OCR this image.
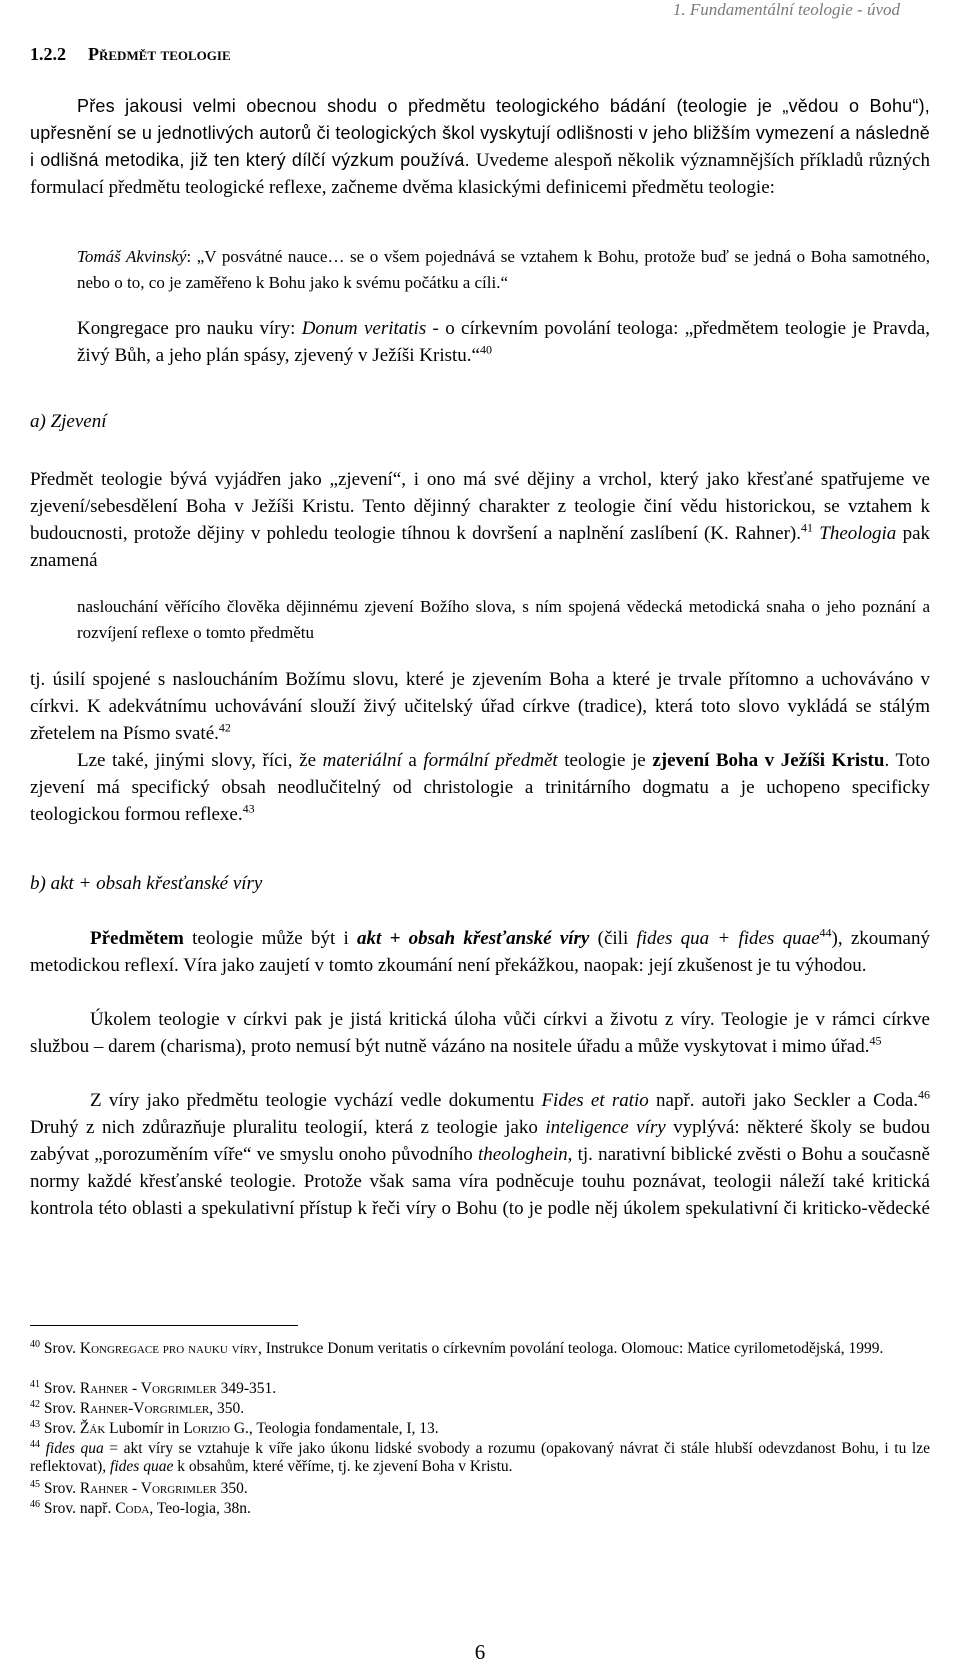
1. Fundamentální teologie - úvod
1.2.2 Předmět teologie

Přes jakousi velmi obecnou shodu o předmětu teologického bádání (teologie je „vědou o Bohu“), upřesnění se u jednotlivých autorů či teologických škol vyskytují odlišnosti v jeho bližším vymezení a následně i odlišná metodika, již ten který dílčí výzkum používá. Uvedeme alespoň několik významnějších příkladů různých formulací předmětu teologické reflexe, začneme dvěma klasickými definicemi předmětu teologie:

Tomáš Akvinský: „V posvátné nauce… se o všem pojednává se vztahem k Bohu, protože buď se jedná o Boha samotného, nebo o to, co je zaměřeno k Bohu jako k svému počátku a cíli.“

Kongregace pro nauku víry: Donum veritatis - o církevním povolání teologa: „předmětem teologie je Pravda, živý Bůh, a jeho plán spásy, zjevený v Ježíši Kristu.“$^{40}$

a) Zjevení

Předmět teologie bývá vyjádřen jako „zjevení“, i ono má své dějiny a vrchol, který jako křesťané spatřujeme ve zjevení/sebesdělení Boha v Ježíši Kristu. Tento dějinný charakter z teologie činí vědu historickou, se vztahem k budoucnosti, protože dějiny v pohledu teologie tíhnou k dovršení a naplnění zaslíbení (K. Rahner).$^{41}$ Theologia pak znamená

naslouchání věřícího člověka dějinnému zjevení Božího slova, s ním spojená vědecká metodická snaha o jeho poznání a rozvíjení reflexe o tomto předmětu

tj. úsilí spojené s nasloucháním Božímu slovu, které je zjevením Boha a které je trvale přítomno a uchováváno v církvi. K adekvátnímu uchovávání slouží živý učitelský úřad církve (tradice), která toto slovo vykládá se stálým zřetelem na Písmo svaté.$^{42}$

Lze také, jinými slovy, říci, že materiální a formální předmět teologie je zjevení Boha v Ježíši Kristu. Toto zjevení má specifický obsah neodlučitelný od christologie a trinitárního dogmatu a je uchopeno specificky teologickou formou reflexe.$^{43}$

b) akt + obsah křesťanské víry

Předmětem teologie může být i akt + obsah křesťanské víry (čili fides qua + fides quae$^{44}$), zkoumaný metodickou reflexí. Víra jako zaujetí v tomto zkoumání není překážkou, naopak: její zkušenost je tu výhodou.

Úkolem teologie v církvi pak je jistá kritická úloha vůči církvi a životu z víry. Teologie je v rámci církve službou – darem (charisma), proto nemusí být nutně vázáno na nositele úřadu a může vyskytovat i mimo úřad.$^{45}$

Z víry jako předmětu teologie vychází vedle dokumentu Fides et ratio např. autoři jako Seckler a Coda.$^{46}$ Druhý z nich zdůrazňuje pluralitu teologií, která z teologie jako inteligence víry vyplývá: některé školy se budou zabývat „porozuměním víře“ ve smyslu onoho původního theologhein, tj. narativní biblické zvěsti o Bohu a současně normy každé křesťanské teologie. Protože však sama víra podněcuje touhu poznávat, teologii náleží také kritická kontrola této oblasti a spekulativní přístup k řeči víry o Bohu (to je podle něj úkolem spekulativní či kriticko-vědecké

$^{40}$ Srov. Kongregace pro nauku víry, Instrukce Donum veritatis o církevním povolání teologa. Olomouc: Matice cyrilometodějská, 1999.

$^{41}$ Srov. Rahner - Vorgrimler 349-351.

$^{42}$ Srov. Rahner-Vorgrimler, 350.

$^{43}$ Srov. Žák Lubomír in Lorizio G., Teologia fondamentale, I, 13.

$^{44}$ fides qua = akt víry se vztahuje k víře jako úkonu lidské svobody a rozumu (opakovaný návrat či stále hlubší odevzdanost Bohu, i tu lze reflektovat), fides quae k obsahům, které věříme, tj. ke zjevení Boha v Kristu.

$^{45}$ Srov. Rahner - Vorgrimler 350.

$^{46}$ Srov. např. Coda, Teo-logia, 38n.

6
